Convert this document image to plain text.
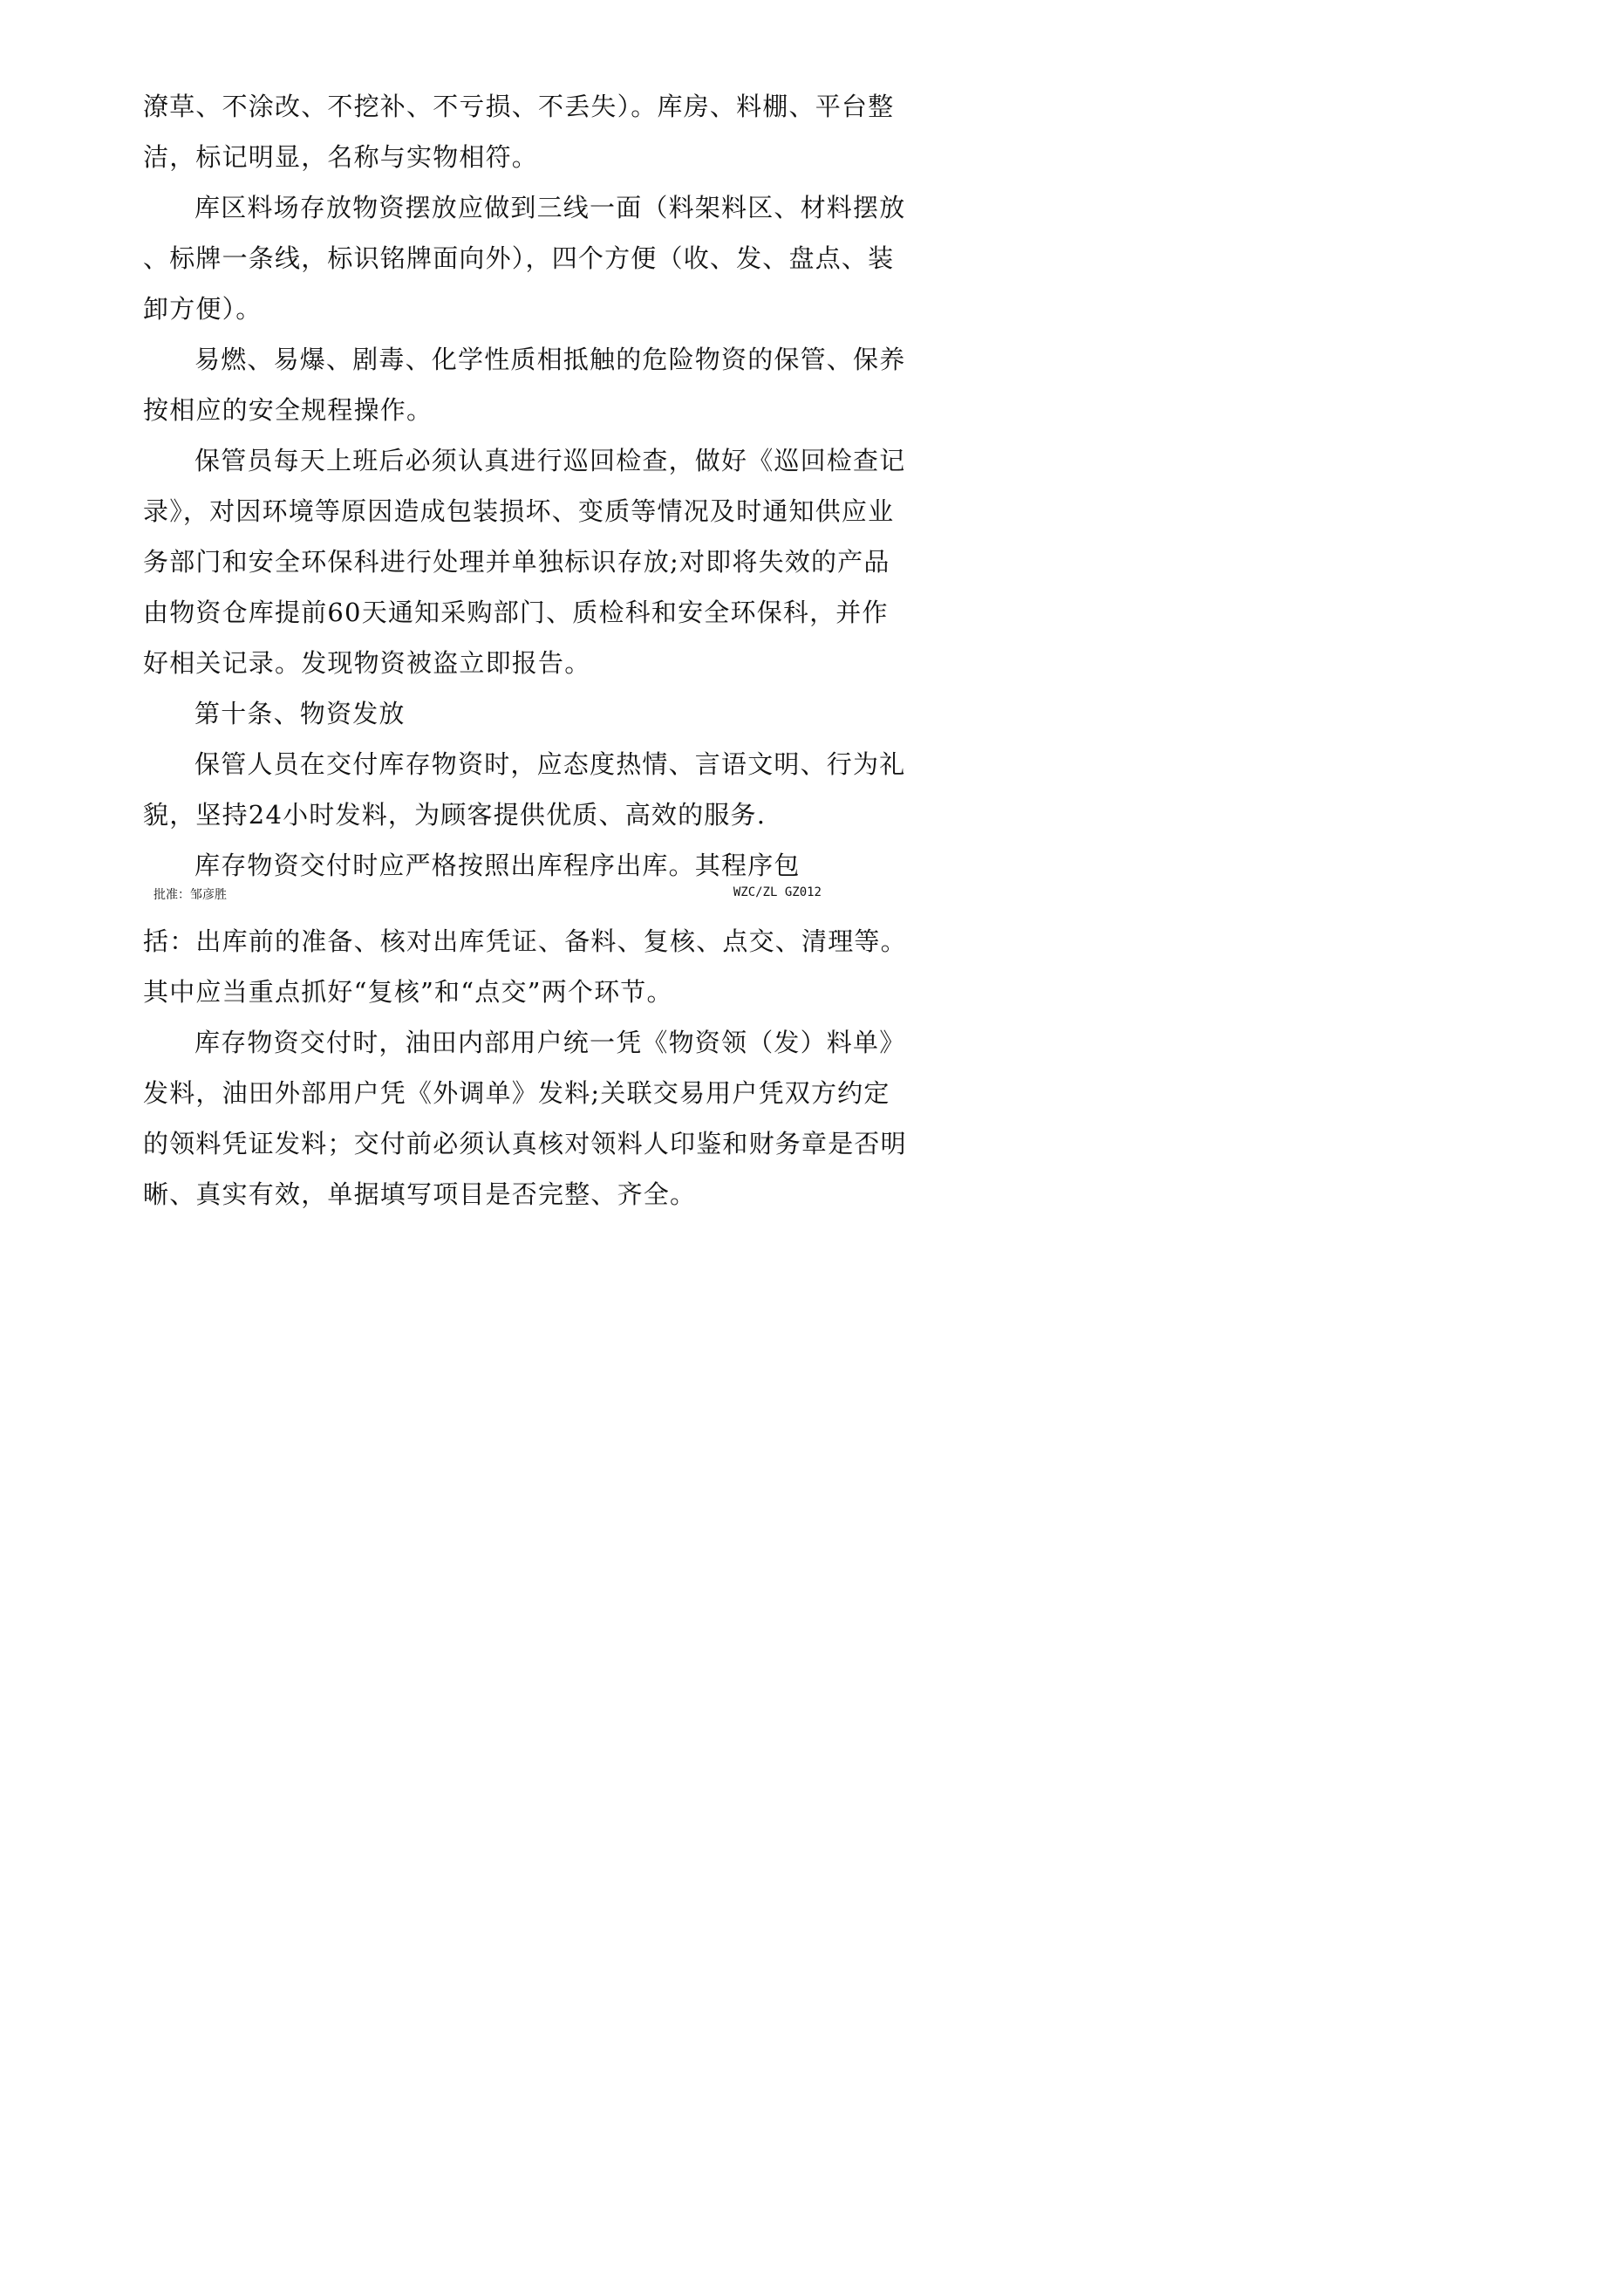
潦草、不涂改、不挖补、不亏损、不丢失）。库房、料棚、平台整
洁，标记明显，名称与实物相符。
库区料场存放物资摆放应做到三线一面（料架料区、材料摆放
、标牌一条线，标识铭牌面向外），四个方便（收、发、盘点、装
卸方便）。
易燃、易爆、剧毒、化学性质相抵触的危险物资的保管、保养
按相应的安全规程操作。
保管员每天上班后必须认真进行巡回检查，做好《巡回检查记
录》，对因环境等原因造成包装损坏、变质等情况及时通知供应业
务部门和安全环保科进行处理并单独标识存放;对即将失效的产品
由物资仓库提前60天通知采购部门、质检科和安全环保科，并作
好相关记录。发现物资被盗立即报告。
第十条、物资发放
保管人员在交付库存物资时，应态度热情、言语文明、行为礼
貌，坚持24小时发料，为顾客提供优质、高效的服务.
库存物资交付时应严格按照出库程序出库。其程序包
批准：邹彦胜	WZC/ZL GZ012
括：出库前的准备、核对出库凭证、备料、复核、点交、清理等。
其中应当重点抓好“复核”和“点交”两个环节。
库存物资交付时，油田内部用户统一凭《物资领（发）料单》
发料，油田外部用户凭《外调单》发料;关联交易用户凭双方约定
的领料凭证发料；交付前必须认真核对领料人印鉴和财务章是否明
晰、真实有效，单据填写项目是否完整、齐全。
